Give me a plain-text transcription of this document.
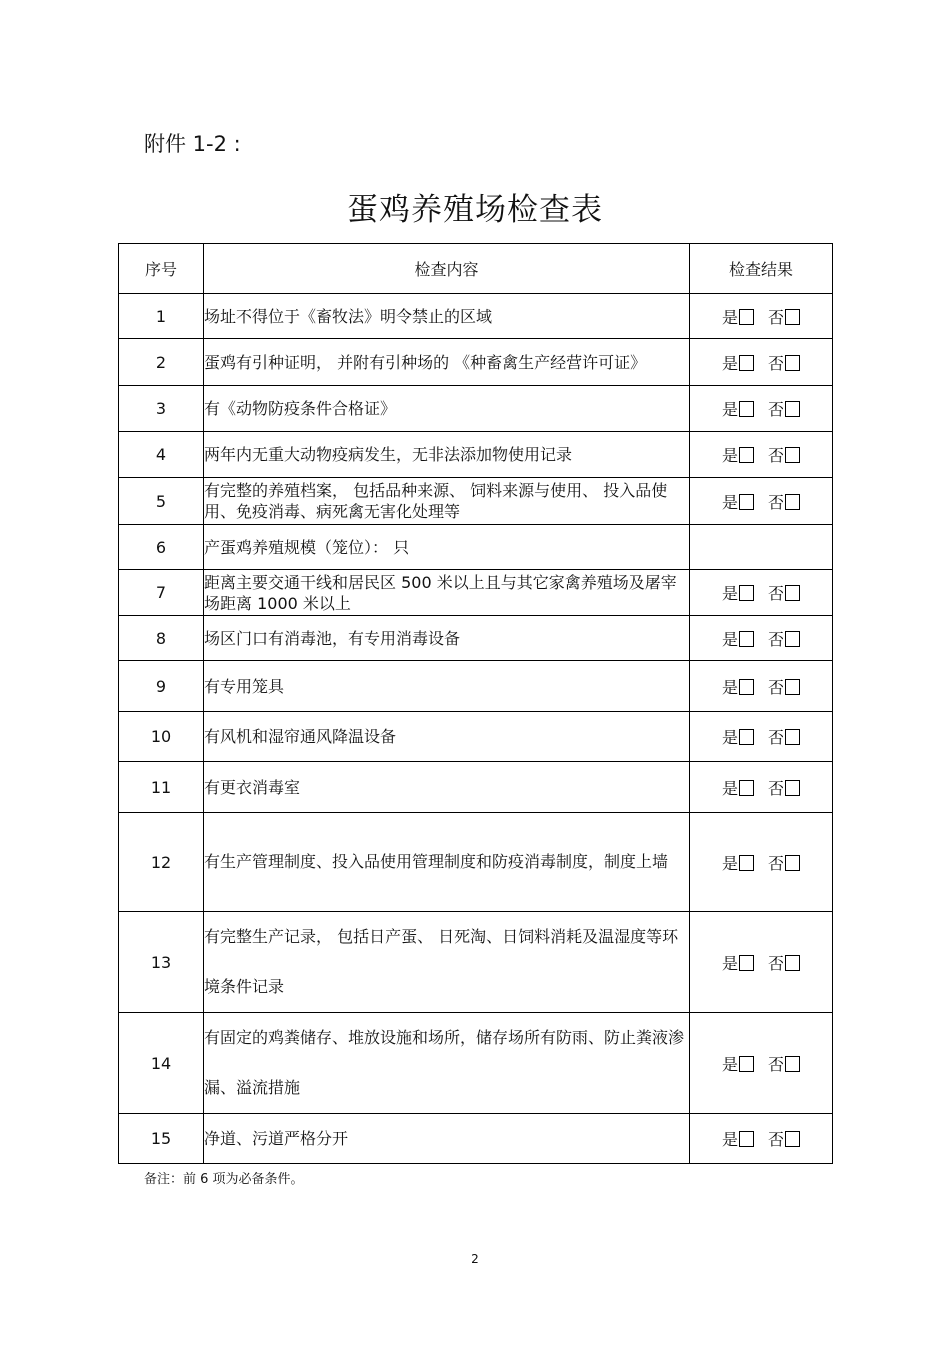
附件 1-2 :
蛋鸡养殖场检查表
序号	检查内容	检查结果
1	场址不得位于《畜牧法》明令禁止的区域	是 否
2	蛋鸡有引种证明， 并附有引种场的 《种畜禽生产经营许可证》	是 否
3	有《动物防疫条件合格证》	是 否
4	两年内无重大动物疫病发生，无非法添加物使用记录	是 否
5	有完整的养殖档案， 包括品种来源、 饲料来源与使用、 投入品使用、免疫消毒、病死禽无害化处理等	是 否
6	产蛋鸡养殖规模（笼位）： 只	
7	距离主要交通干线和居民区 500 米以上且与其它家禽养殖场及屠宰场距离 1000 米以上	是 否
8	场区门口有消毒池，有专用消毒设备	是 否
9	有专用笼具	是 否
10	有风机和湿帘通风降温设备	是 否
11	有更衣消毒室	是 否
12	有生产管理制度、投入品使用管理制度和防疫消毒制度，制度上墙	是 否
13	有完整生产记录， 包括日产蛋、 日死淘、日饲料消耗及温湿度等环境条件记录	是 否
14	有固定的鸡粪储存、堆放设施和场所，储存场所有防雨、防止粪液渗漏、溢流措施	是 否
15	净道、污道严格分开	是 否
备注：前 6 项为必备条件。
2
